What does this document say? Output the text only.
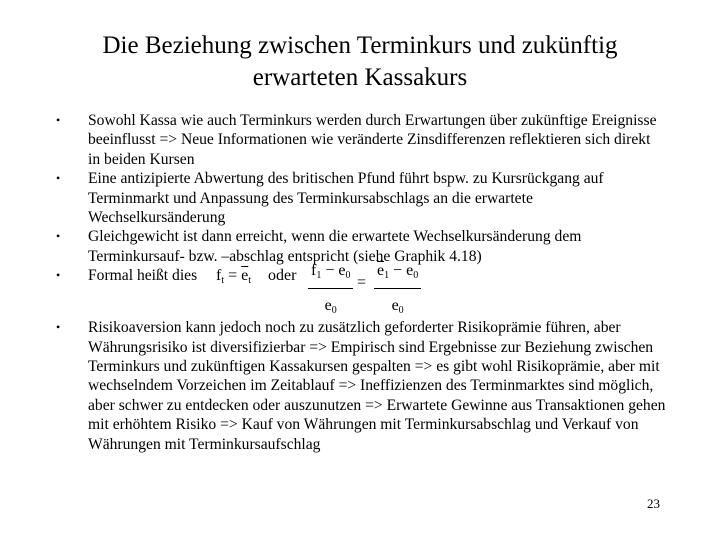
Die Beziehung zwischen Terminkurs und zukünftig
erwarteten Kassakurs
• Sowohl Kassa wie auch Terminkurs werden durch Erwartungen über zukünftige Ereignisse beeinflusst => Neue Informationen wie veränderte Zinsdifferenzen reflektieren sich direkt in beiden Kursen
• Eine antizipierte Abwertung des britischen Pfund führt bspw. zu Kursrückgang auf Terminmarkt und Anpassung des Terminkursabschlags an die erwartete Wechselkursänderung
• Gleichgewicht ist dann erreicht, wenn die erwartete Wechselkursänderung dem Terminkursauf- bzw. –abschlag entspricht (siehe Graphik 4.18)
• Formal heißt dies $f_t = \overline{e}_t$ oder $\frac{f_1 - e_0}{e_0} = \frac{\overline{e}_1 - e_0}{e_0}$
• Risikoaversion kann jedoch noch zu zusätzlich geforderter Risikoprämie führen, aber Währungsrisiko ist diversifizierbar => Empirisch sind Ergebnisse zur Beziehung zwischen Terminkurs und zukünftigen Kassakursen gespalten => es gibt wohl Risikoprämie, aber mit wechselndem Vorzeichen im Zeitablauf => Ineffizienzen des Terminmarktes sind möglich, aber schwer zu entdecken oder auszunutzen => Erwartete Gewinne aus Transaktionen gehen mit erhöhtem Risiko => Kauf von Währungen mit Terminkursabschlag und Verkauf von Währungen mit Terminkursaufschlag
23
